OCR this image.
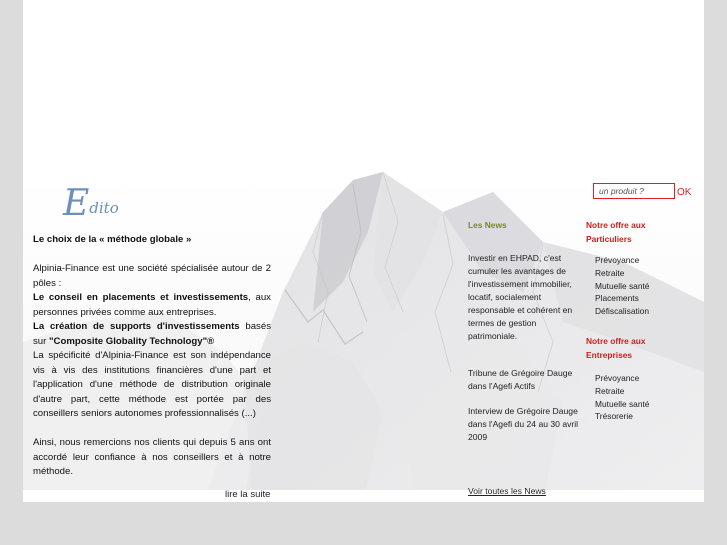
Edito

Le choix de la « méthode globale »

Alpinia-Finance est une société spécialisée autour de 2 pôles :

Le conseil en placements et investissements, aux personnes privées comme aux entreprises.

La création de supports d'investissements basés sur "Composite Globality Technology"®

La spécificité d'Alpinia-Finance est son indépendance vis à vis des institutions financières d'une part et l'application d'une méthode de distribution originale d'autre part, cette méthode est portée par des conseillers seniors autonomes professionnalisés (...)

Ainsi, nous remercions nos clients qui depuis 5 ans ont accordé leur confiance à nos conseillers et à notre méthode.

lire la suite
un produit ?
OK
Les News
Investir en EHPAD, c'est cumuler les avantages de l'investissement immobilier, locatif, socialement responsable et cohérent en termes de gestion patrimoniale.
Tribune de Grégoire Dauge dans l'Agefi Actifs
Interview de Grégoire Dauge dans l'Agefi du 24 au 30 avril 2009
Voir toutes les News
Notre offre aux Particuliers
Prévoyance
Retraite
Mutuelle santé
Placements
Défiscalisation
Notre offre aux Entreprises
Prévoyance
Retraite
Mutuelle santé
Trésorerie
